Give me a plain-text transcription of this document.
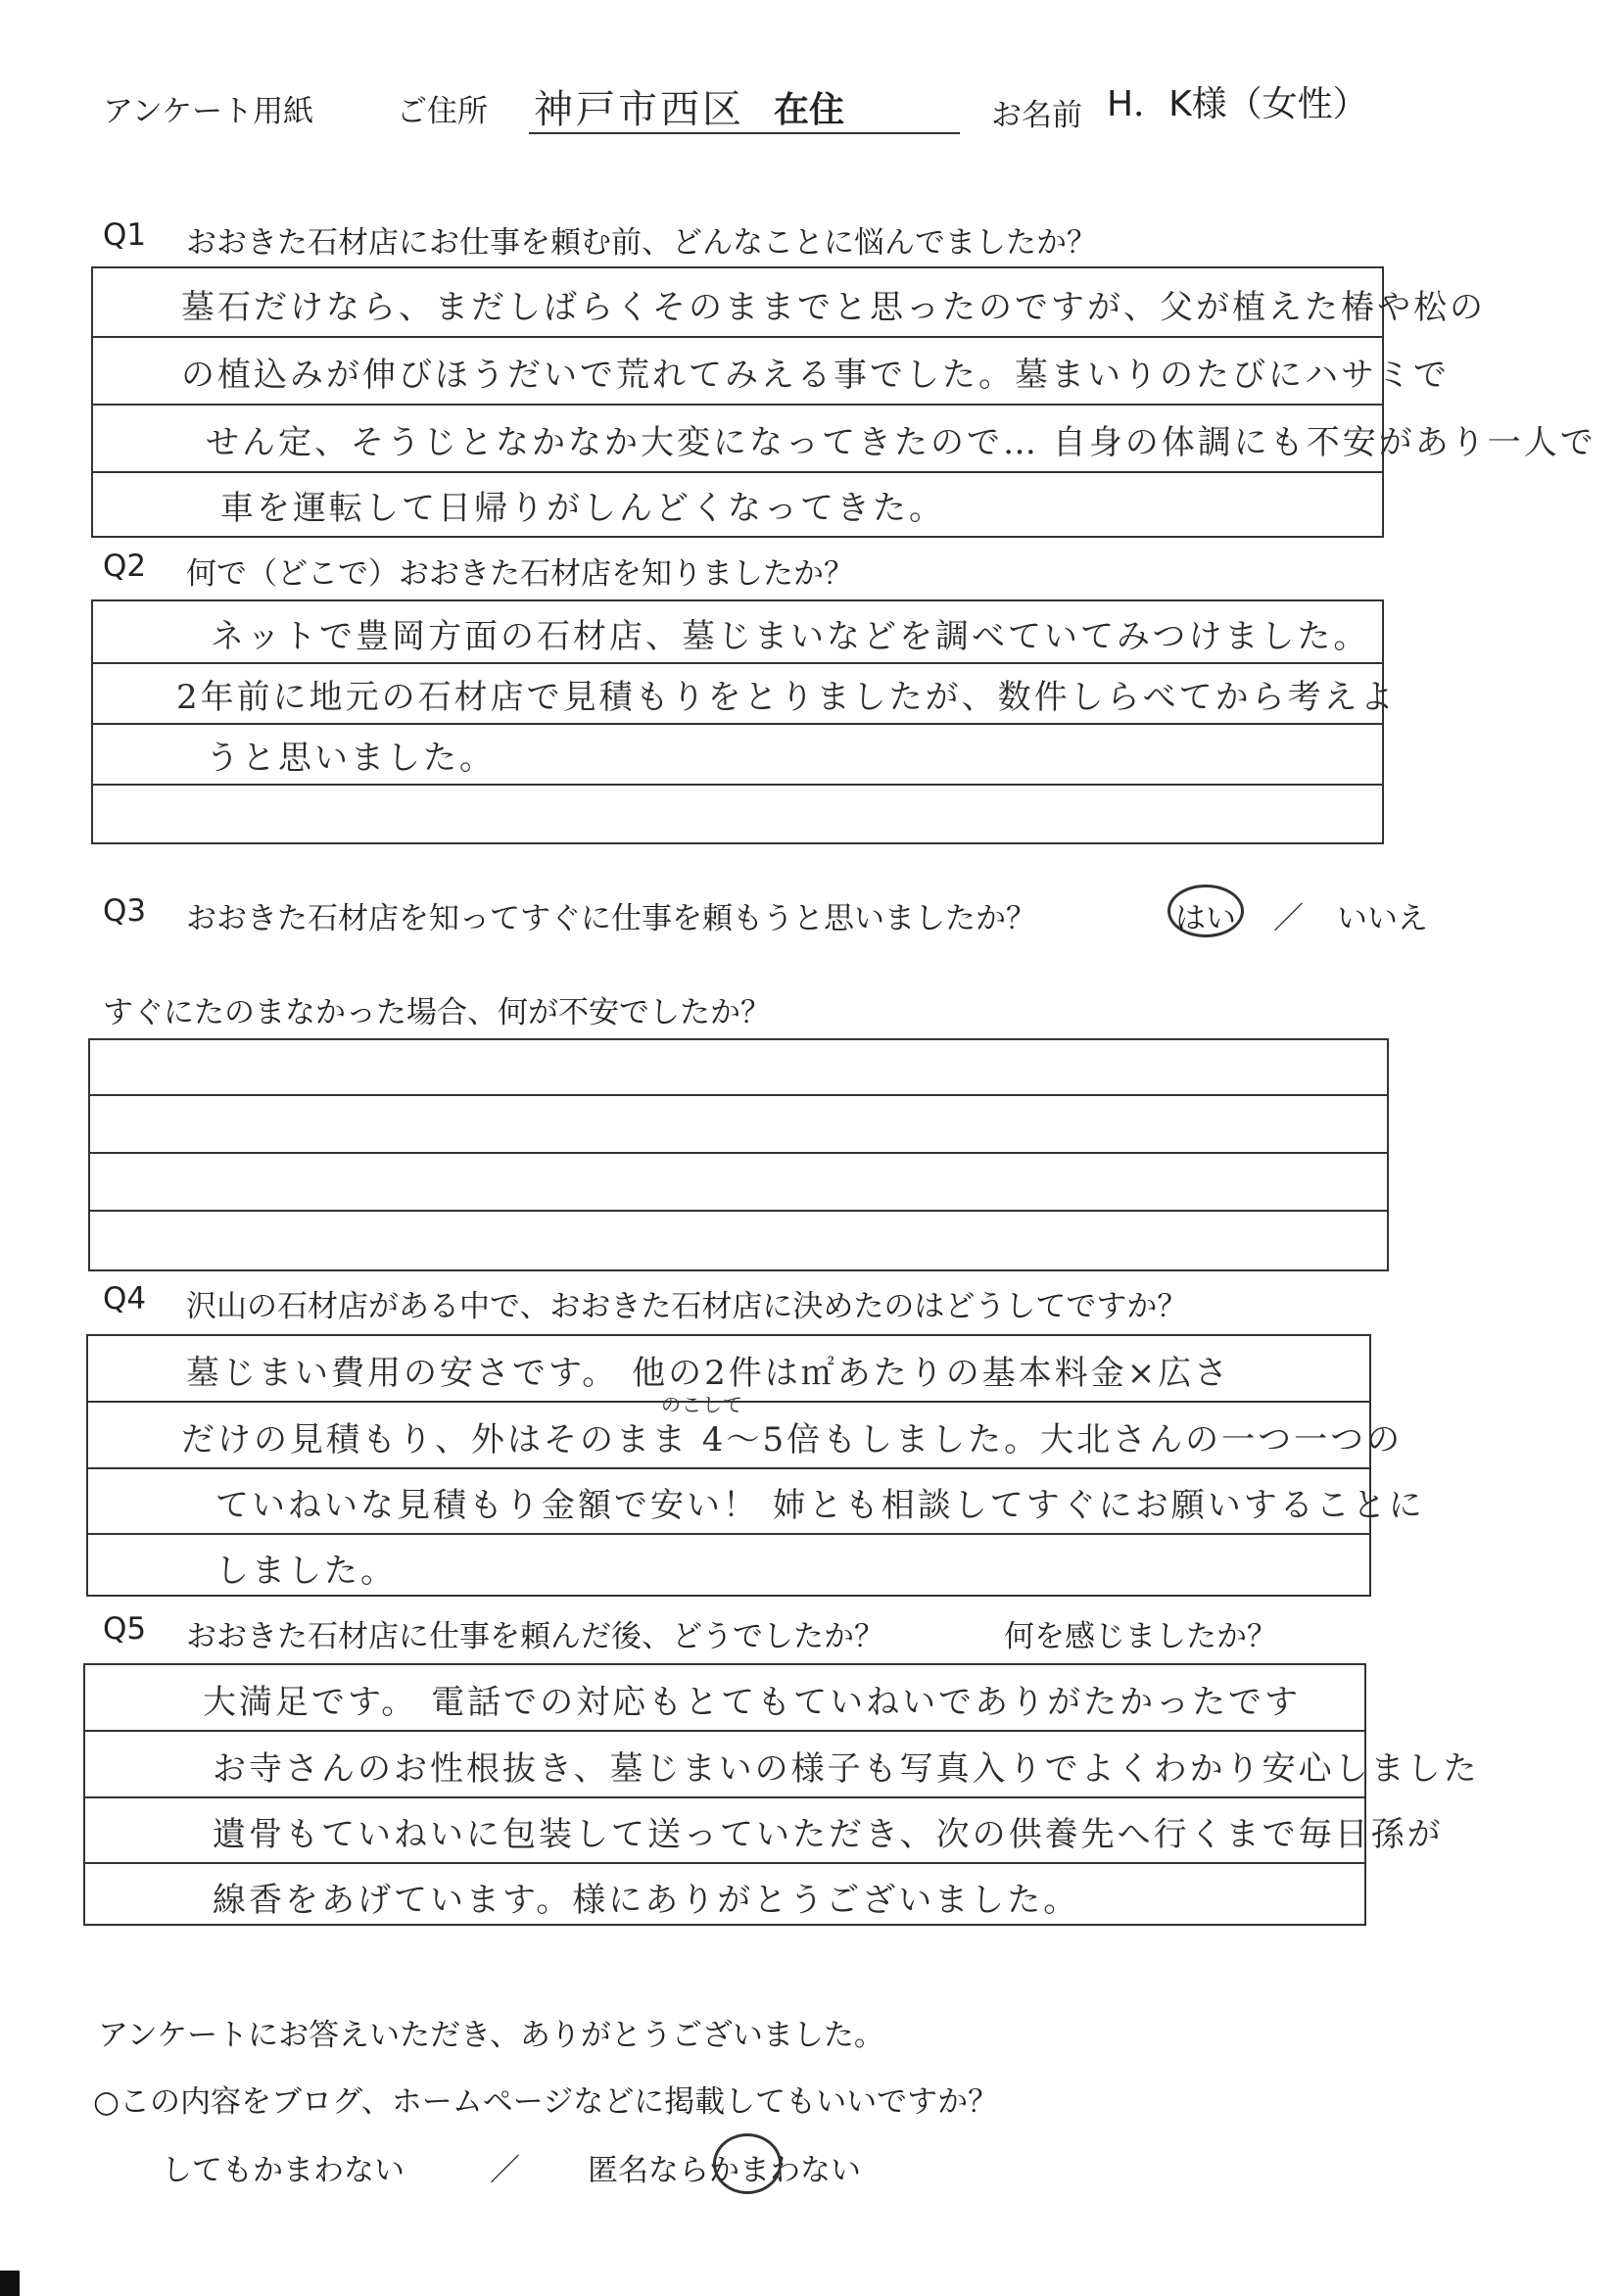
アンケート用紙	ご住所 神戸市西区 在住	お名前 H．K様（女性）
Q1 おおきた石材店にお仕事を頼む前、どんなことに悩んでましたか？
墓石だけなら、まだしばらくそのままでと思ったのですが、父が植えた椿や松の
の植込みが伸びほうだいで荒れてみえる事でした。墓まいりのたびにハサミで
せん定、そうじとなかなか大変になってきたので… 自身の体調にも不安があり一人で
車を運転して日帰りがしんどくなってきた。
Q2 何で（どこで）おおきた石材店を知りましたか？
ネットで豊岡方面の石材店、墓じまいなどを調べていてみつけました。
2年前に地元の石材店で見積もりをとりましたが、数件しらべてから考えよ
うと思いました。
Q3 おおきた石材店を知ってすぐに仕事を頼もうと思いましたか？	はい ／ いいえ
すぐにたのまなかった場合、何が不安でしたか？
Q4 沢山の石材店がある中で、おおきた石材店に決めたのはどうしてですか？
墓じまい費用の安さです。 他の2件は㎡あたりの基本料金×広さ
だけの見積もり、外はそのまま 4〜5倍もしました。大北さんの一つ一つの
のこして
ていねいな見積もり金額で安い！ 姉とも相談してすぐにお願いすることに
しました。
Q5 おおきた石材店に仕事を頼んだ後、どうでしたか？	何を感じましたか？
大満足です。 電話での対応もとてもていねいでありがたかったです
お寺さんのお性根抜き、墓じまいの様子も写真入りでよくわかり安心しました
遺骨もていねいに包装して送っていただき、次の供養先へ行くまで毎日孫が
線香をあげています。様にありがとうございました。
アンケートにお答えいただき、ありがとうございました。
○この内容をブログ、ホームページなどに掲載してもいいですか？
してもかまわない	／ 匿名ならかまわない
